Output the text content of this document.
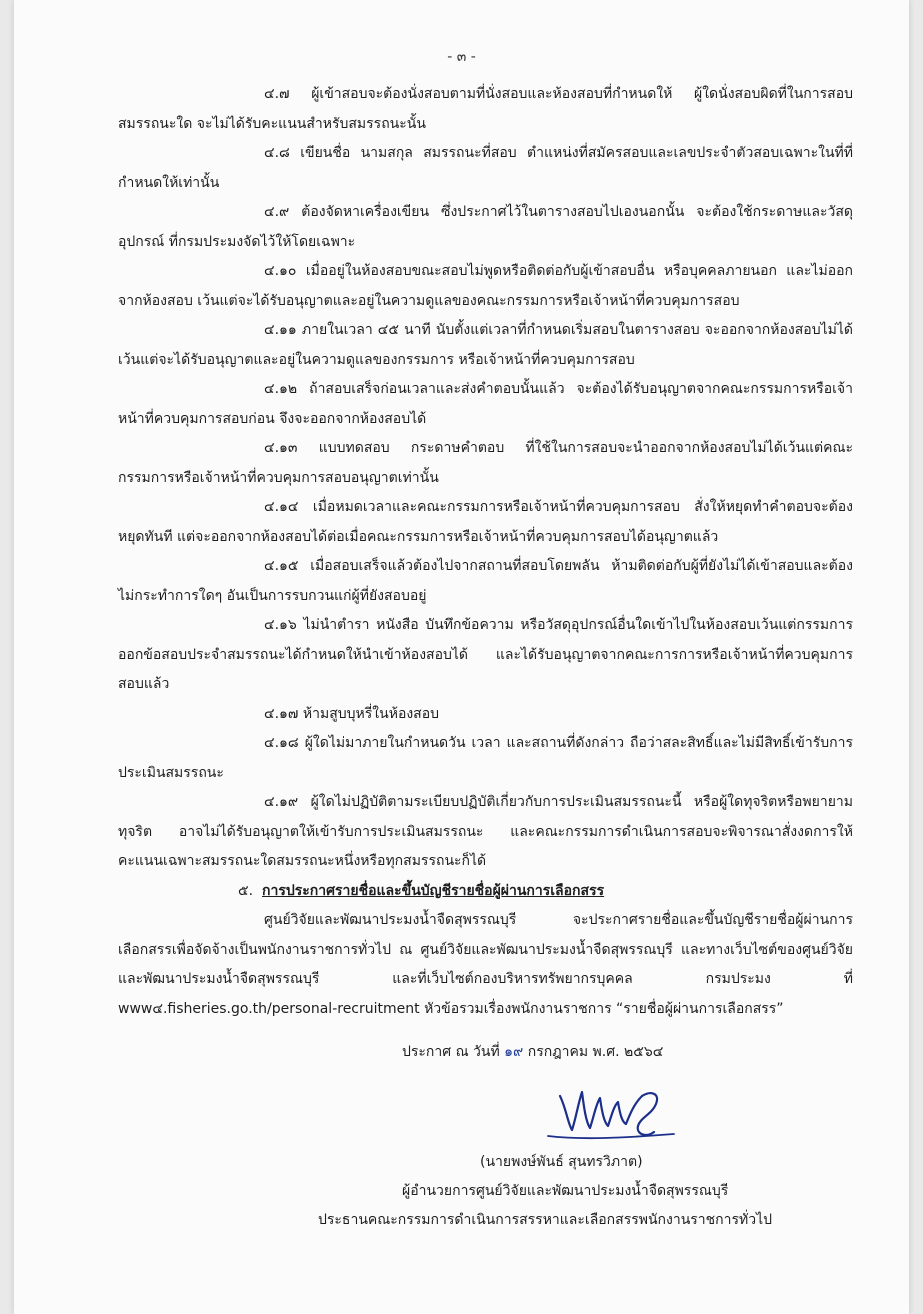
- ๓ -

๔.๗ ผู้เข้าสอบจะต้องนั่งสอบตามที่นั่งสอบและห้องสอบที่กำหนดให้ ผู้ใดนั่งสอบผิดที่ในการสอบสมรรถนะใด จะไม่ได้รับคะแนนสำหรับสมรรถนะนั้น

๔.๘ เขียนชื่อ นามสกุล สมรรถนะที่สอบ ตำแหน่งที่สมัครสอบและเลขประจำตัวสอบเฉพาะในที่ที่กำหนดให้เท่านั้น

๔.๙ ต้องจัดหาเครื่องเขียน ซึ่งประกาศไว้ในตารางสอบไปเองนอกนั้น จะต้องใช้กระดาษและวัสดุอุปกรณ์ ที่กรมประมงจัดไว้ให้โดยเฉพาะ

๔.๑๐ เมื่ออยู่ในห้องสอบขณะสอบไม่พูดหรือติดต่อกับผู้เข้าสอบอื่น หรือบุคคลภายนอก และไม่ออกจากห้องสอบ เว้นแต่จะได้รับอนุญาตและอยู่ในความดูแลของคณะกรรมการหรือเจ้าหน้าที่ควบคุมการสอบ

๔.๑๑ ภายในเวลา ๔๕ นาที นับตั้งแต่เวลาที่กำหนดเริ่มสอบในตารางสอบ จะออกจากห้องสอบไม่ได้ เว้นแต่จะได้รับอนุญาตและอยู่ในความดูแลของกรรมการ หรือเจ้าหน้าที่ควบคุมการสอบ

๔.๑๒ ถ้าสอบเสร็จก่อนเวลาและส่งคำตอบนั้นแล้ว จะต้องได้รับอนุญาตจากคณะกรรมการหรือเจ้าหน้าที่ควบคุมการสอบก่อน จึงจะออกจากห้องสอบได้

๔.๑๓ แบบทดสอบ กระดาษคำตอบ ที่ใช้ในการสอบจะนำออกจากห้องสอบไม่ได้เว้นแต่คณะกรรมการหรือเจ้าหน้าที่ควบคุมการสอบอนุญาตเท่านั้น

๔.๑๔ เมื่อหมดเวลาและคณะกรรมการหรือเจ้าหน้าที่ควบคุมการสอบ สั่งให้หยุดทำคำตอบจะต้องหยุดทันที แต่จะออกจากห้องสอบได้ต่อเมื่อคณะกรรมการหรือเจ้าหน้าที่ควบคุมการสอบได้อนุญาตแล้ว

๔.๑๕ เมื่อสอบเสร็จแล้วต้องไปจากสถานที่สอบโดยพลัน ห้ามติดต่อกับผู้ที่ยังไม่ได้เข้าสอบและต้องไม่กระทำการใดๆ อันเป็นการรบกวนแก่ผู้ที่ยังสอบอยู่

๔.๑๖ ไม่นำตำรา หนังสือ บันทึกข้อความ หรือวัสดุอุปกรณ์อื่นใดเข้าไปในห้องสอบเว้นแต่กรรมการออกข้อสอบประจำสมรรถนะได้กำหนดให้นำเข้าห้องสอบได้ และได้รับอนุญาตจากคณะการการหรือเจ้าหน้าที่ควบคุมการสอบแล้ว

๔.๑๗ ห้ามสูบบุหรี่ในห้องสอบ

๔.๑๘ ผู้ใดไม่มาภายในกำหนดวัน เวลา และสถานที่ดังกล่าว ถือว่าสละสิทธิ์และไม่มีสิทธิ์เข้ารับการประเมินสมรรถนะ

๔.๑๙ ผู้ใดไม่ปฏิบัติตามระเบียบปฏิบัติเกี่ยวกับการประเมินสมรรถนะนี้ หรือผู้ใดทุจริตหรือพยายามทุจริต อาจไม่ได้รับอนุญาตให้เข้ารับการประเมินสมรรถนะ และคณะกรรมการดำเนินการสอบจะพิจารณาสั่งงดการให้คะแนนเฉพาะสมรรถนะใดสมรรถนะหนึ่งหรือทุกสมรรถนะก็ได้

๕. การประกาศรายชื่อและขึ้นบัญชีรายชื่อผู้ผ่านการเลือกสรร

ศูนย์วิจัยและพัฒนาประมงน้ำจืดสุพรรณบุรี จะประกาศรายชื่อและขึ้นบัญชีรายชื่อผู้ผ่านการเลือกสรรเพื่อจัดจ้างเป็นพนักงานราชการทั่วไป ณ ศูนย์วิจัยและพัฒนาประมงน้ำจืดสุพรรณบุรี และทางเว็บไซต์ของศูนย์วิจัยและพัฒนาประมงน้ำจืดสุพรรณบุรี และที่เว็บไซต์กองบริหารทรัพยากรบุคคล กรมประมง ที่ www๔.fisheries.go.th/personal-recruitment หัวข้อรวมเรื่องพนักงานราชการ “รายชื่อผู้ผ่านการเลือกสรร”

ประกาศ ณ วันที่ ๑๙ กรกฎาคม พ.ศ. ๒๕๖๔

(นายพงษ์พันธ์ สุนทรวิภาต)
ผู้อำนวยการศูนย์วิจัยและพัฒนาประมงน้ำจืดสุพรรณบุรี
ประธานคณะกรรมการดำเนินการสรรหาและเลือกสรรพนักงานราชการทั่วไป
